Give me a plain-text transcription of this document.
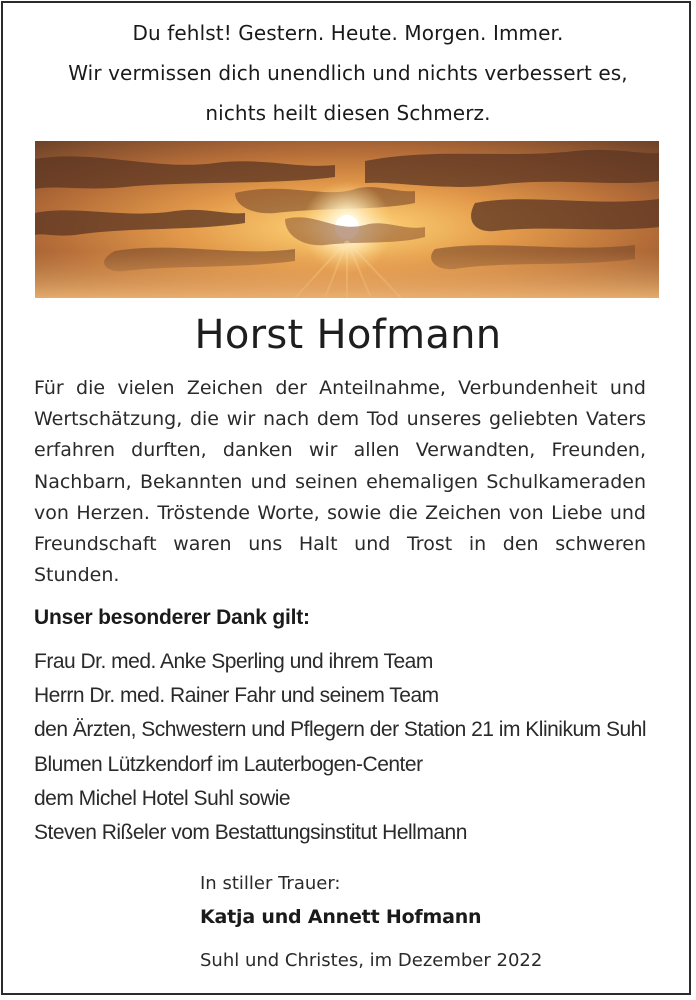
Du fehlst! Gestern. Heute. Morgen. Immer.
Wir vermissen dich unendlich und nichts verbessert es,
nichts heilt diesen Schmerz.
Horst Hofmann
Für die vielen Zeichen der Anteilnahme, Verbundenheit und Wertschätzung, die wir nach dem Tod unseres geliebten Vaters erfahren durften, danken wir allen Verwandten, Freunden, Nachbarn, Bekannten und seinen ehemaligen Schulkameraden von Herzen. Tröstende Worte, sowie die Zeichen von Liebe und Freundschaft waren uns Halt und Trost in den schweren Stunden.
Unser besonderer Dank gilt:
Frau Dr. med. Anke Sperling und ihrem Team
Herrn Dr. med. Rainer Fahr und seinem Team
den Ärzten, Schwestern und Pflegern der Station 21 im Klinikum Suhl
Blumen Lützkendorf im Lauterbogen-Center
dem Michel Hotel Suhl sowie
Steven Rißeler vom Bestattungsinstitut Hellmann
In stiller Trauer:
Katja und Annett Hofmann
Suhl und Christes, im Dezember 2022
